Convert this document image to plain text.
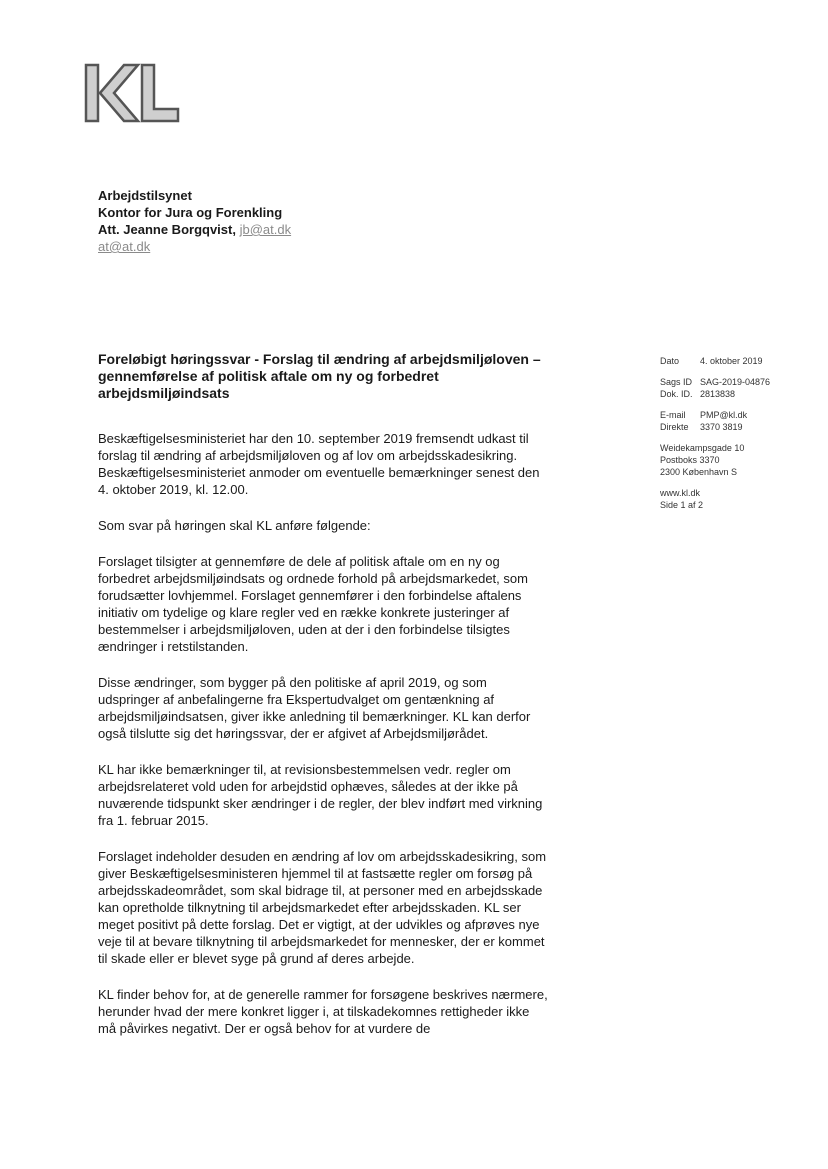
Arbejdstilsynet
Kontor for Jura og Forenkling
Att. Jeanne Borgqvist, jb@at.dk
at@at.dk
Foreløbigt høringssvar - Forslag til ændring af arbejdsmiljøloven – gennemførelse af politisk aftale om ny og forbedret arbejdsmiljøindsats
Dato 4. oktober 2019
Sags ID SAG-2019-04876
Dok. ID. 2813838
E-mail PMP@kl.dk
Direkte 3370 3819
Weidekampsgade 10
Postboks 3370
2300 København S
www.kl.dk
Side 1 af 2

Beskæftigelsesministeriet har den 10. september 2019 fremsendt udkast til forslag til ændring af arbejdsmiljøloven og af lov om arbejdsskadesikring. Beskæftigelsesministeriet anmoder om eventuelle bemærkninger senest den 4. oktober 2019, kl. 12.00.

Som svar på høringen skal KL anføre følgende:

Forslaget tilsigter at gennemføre de dele af politisk aftale om en ny og forbedret arbejdsmiljøindsats og ordnede forhold på arbejdsmarkedet, som forudsætter lovhjemmel. Forslaget gennemfører i den forbindelse aftalens initiativ om tydelige og klare regler ved en række konkrete justeringer af bestemmelser i arbejdsmiljøloven, uden at der i den forbindelse tilsigtes ændringer i retstilstanden.

Disse ændringer, som bygger på den politiske af april 2019, og som udspringer af anbefalingerne fra Ekspertudvalget om gentænkning af arbejdsmiljøindsatsen, giver ikke anledning til bemærkninger. KL kan derfor også tilslutte sig det høringssvar, der er afgivet af Arbejdsmiljørådet.

KL har ikke bemærkninger til, at revisionsbestemmelsen vedr. regler om arbejdsrelateret vold uden for arbejdstid ophæves, således at der ikke på nuværende tidspunkt sker ændringer i de regler, der blev indført med virkning fra 1. februar 2015.

Forslaget indeholder desuden en ændring af lov om arbejdsskadesikring, som giver Beskæftigelsesministeren hjemmel til at fastsætte regler om forsøg på arbejdsskadeområdet, som skal bidrage til, at personer med en arbejdsskade kan opretholde tilknytning til arbejdsmarkedet efter arbejdsskaden. KL ser meget positivt på dette forslag. Det er vigtigt, at der udvikles og afprøves nye veje til at bevare tilknytning til arbejdsmarkedet for mennesker, der er kommet til skade eller er blevet syge på grund af deres arbejde.

KL finder behov for, at de generelle rammer for forsøgene beskrives nærmere, herunder hvad der mere konkret ligger i, at tilskadekomnes rettigheder ikke må påvirkes negativt. Der er også behov for at vurdere de
